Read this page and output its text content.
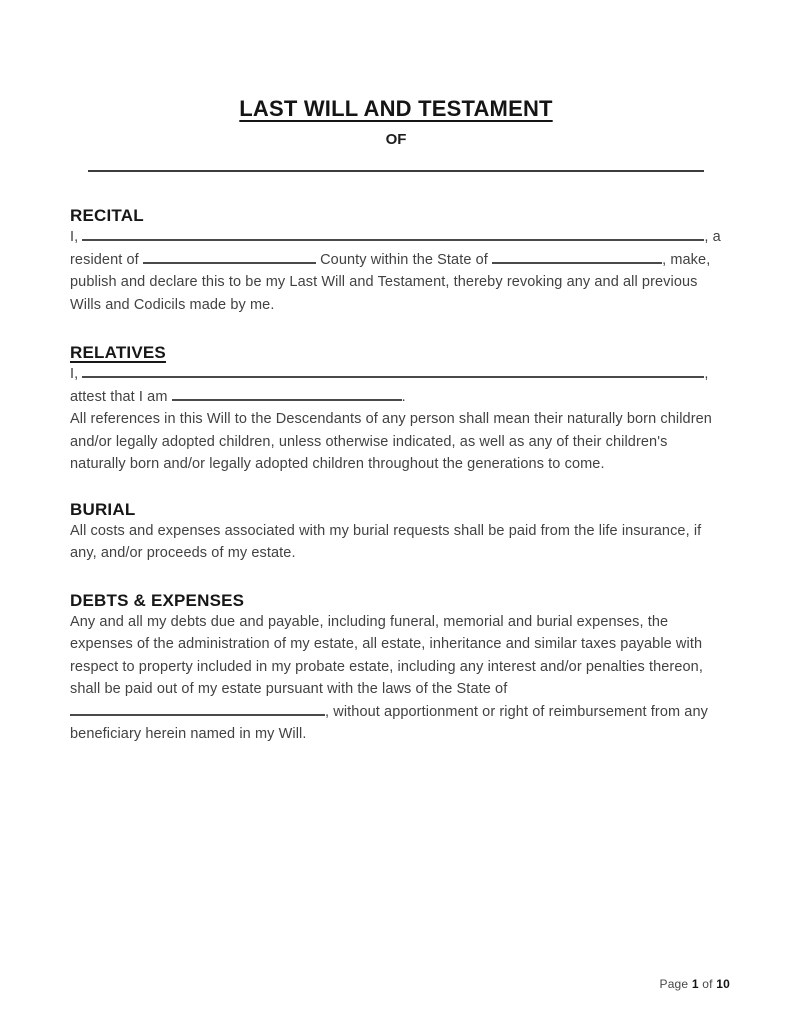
LAST WILL AND TESTAMENT
OF
RECITAL

I,	, a resident of	County within the State of	, make, publish and declare this to be my Last Will and Testament, thereby revoking any and all previous Wills and Codicils made by me.

RELATIVES

I,	, attest that I am	.

All references in this Will to the Descendants of any person shall mean their naturally born children and/or legally adopted children, unless otherwise indicated, as well as any of their children's naturally born and/or legally adopted children throughout the generations to come.

BURIAL

All costs and expenses associated with my burial requests shall be paid from the life insurance, if any, and/or proceeds of my estate.

DEBTS & EXPENSES

Any and all my debts due and payable, including funeral, memorial and burial expenses, the expenses of the administration of my estate, all estate, inheritance and similar taxes payable with respect to property included in my probate estate, including any interest and/or penalties thereon, shall be paid out of my estate pursuant with the laws of the State of , without apportionment or right of reimbursement from any beneficiary herein named in my Will.

Page 1 of 10
